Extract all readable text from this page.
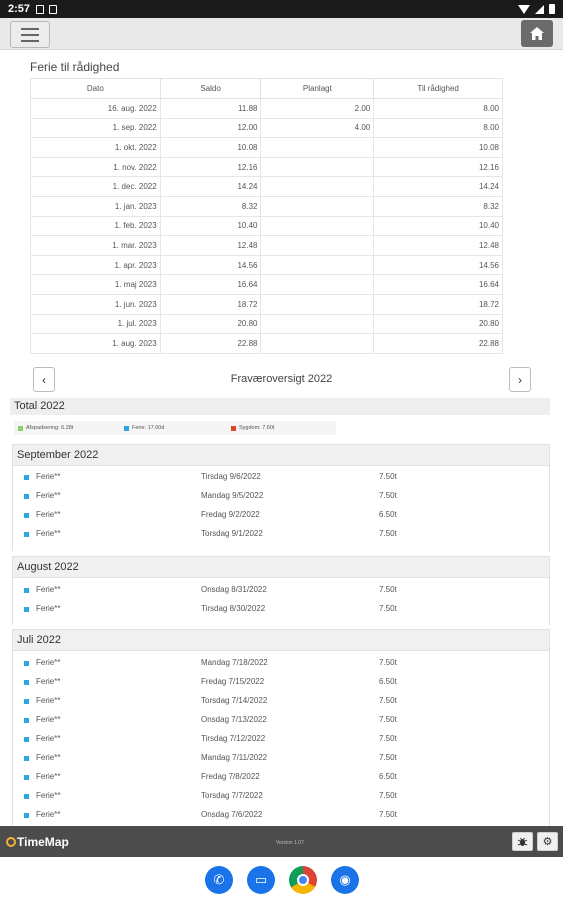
2:57
Ferie til rådighed
Dato	Saldo	Planlagt	Til rådighed
16. aug. 2022	11.88	2.00	8.00
1. sep. 2022	12.00	4.00	8.00
1. okt. 2022	10.08		10.08
1. nov. 2022	12.16		12.16
1. dec. 2022	14.24		14.24
1. jan. 2023	8.32		8.32
1. feb. 2023	10.40		10.40
1. mar. 2023	12.48		12.48
1. apr. 2023	14.56		14.56
1. maj 2023	16.64		16.64
1. jun. 2023	18.72		18.72
1. jul. 2023	20.80		20.80
1. aug. 2023	22.88		22.88
‹	Fraværoversigt 2022	›
Total 2022
Afspadsering: 6.28t	Ferie: 17.00d	Sygdom: 7.60t
September 2022
Ferie**	Tirsdag 9/6/2022	7.50t
Ferie**	Mandag 9/5/2022	7.50t
Ferie**	Fredag 9/2/2022	6.50t
Ferie**	Torsdag 9/1/2022	7.50t
August 2022
Ferie**	Onsdag 8/31/2022	7.50t
Ferie**	Tirsdag 8/30/2022	7.50t
Juli 2022
Ferie**	Mandag 7/18/2022	7.50t
Ferie**	Fredag 7/15/2022	6.50t
Ferie**	Torsdag 7/14/2022	7.50t
Ferie**	Onsdag 7/13/2022	7.50t
Ferie**	Tirsdag 7/12/2022	7.50t
Ferie**	Mandag 7/11/2022	7.50t
Ferie**	Fredag 7/8/2022	6.50t
Ferie**	Torsdag 7/7/2022	7.50t
Ferie**	Onsdag 7/6/2022	7.50t
TimeMap	Version 1.07	⚙
✆	▭	◉
